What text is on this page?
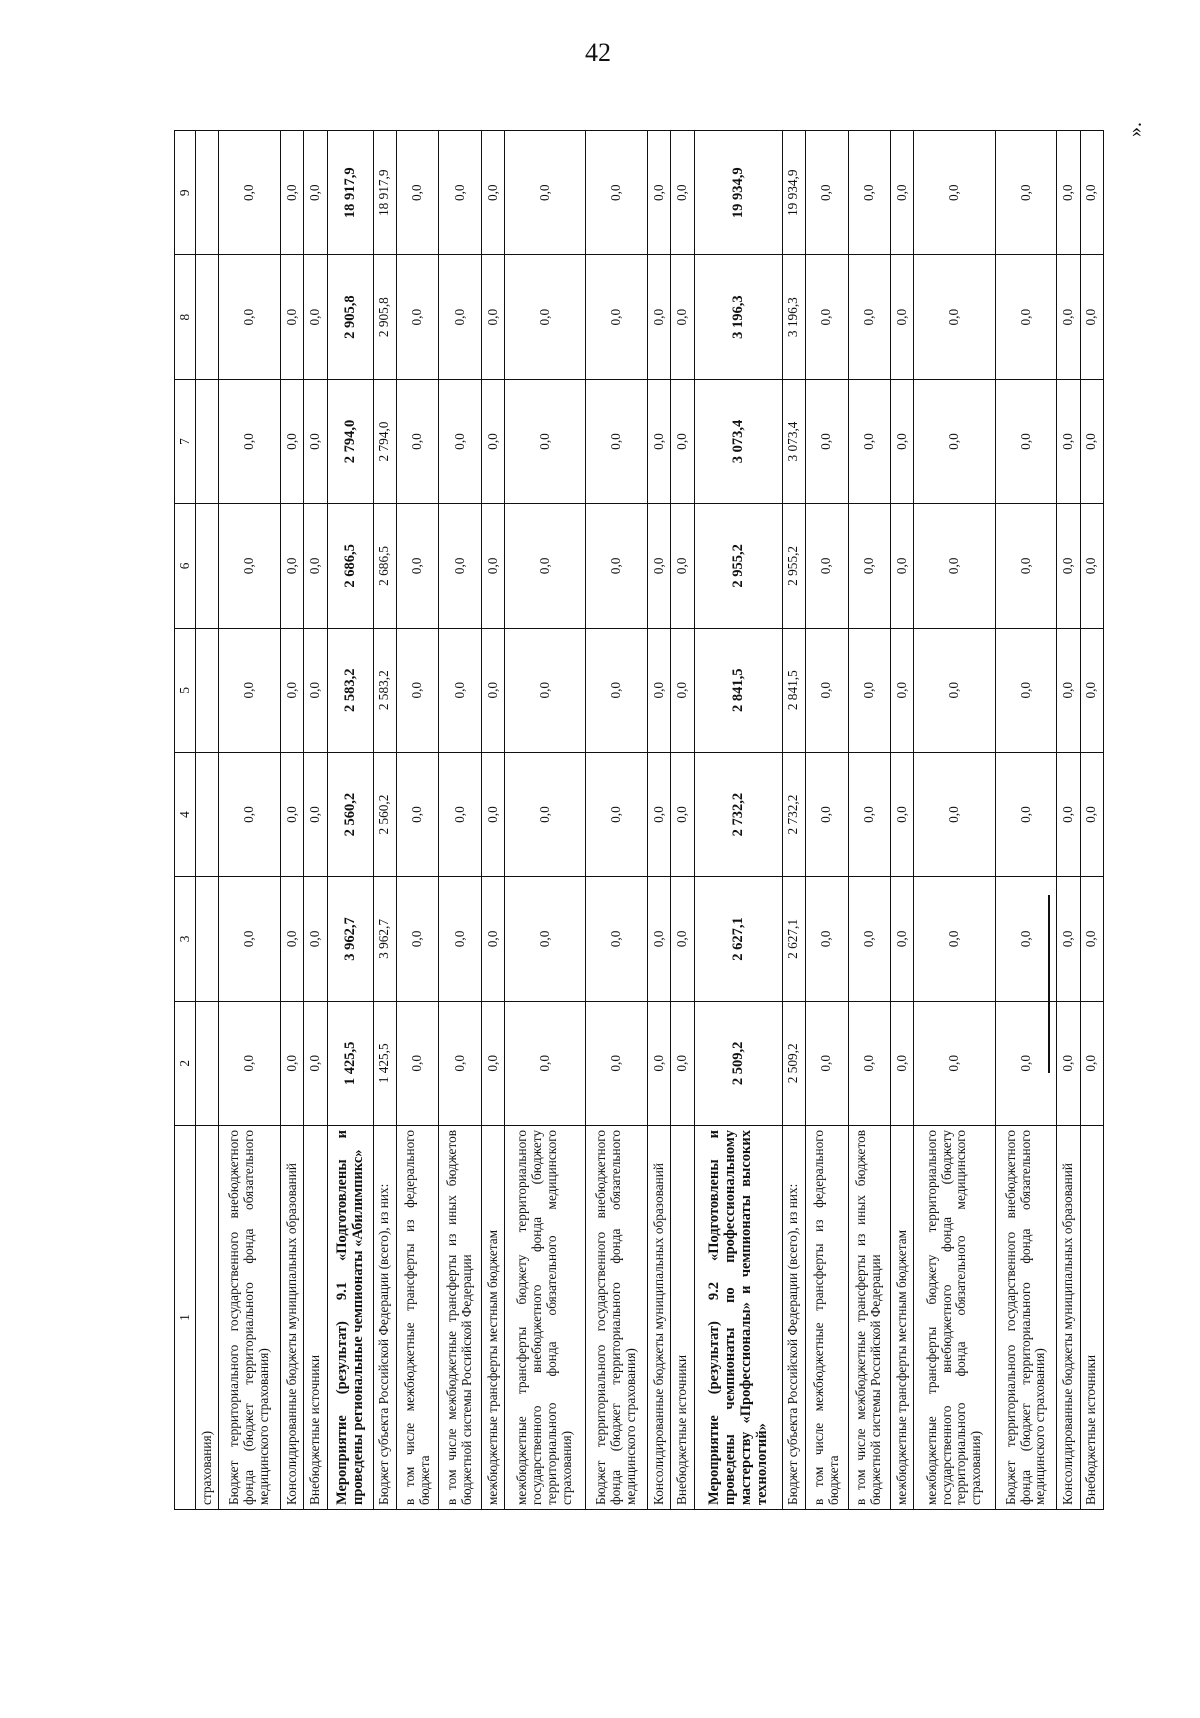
42
».
1	2	3	4	5	6	7	8	9
страхования)								
Бюджет территориального государственного внебюджетного фонда (бюджет территориального фонда обязательного медицинского страхования)	0,0	0,0	0,0	0,0	0,0	0,0	0,0	0,0
Консолидированные бюджеты муниципальных образований	0,0	0,0	0,0	0,0	0,0	0,0	0,0	0,0
Внебюджетные источники	0,0	0,0	0,0	0,0	0,0	0,0	0,0	0,0
Мероприятие (результат) 9.1 «Подготовлены и проведены региональные чемпионаты «Абилимпикс»	1 425,5	3 962,7	2 560,2	2 583,2	2 686,5	2 794,0	2 905,8	18 917,9
Бюджет субъекта Российской Федерации (всего), из них:	1 425,5	3 962,7	2 560,2	2 583,2	2 686,5	2 794,0	2 905,8	18 917,9
в том числе межбюджетные трансферты из федерального бюджета	0,0	0,0	0,0	0,0	0,0	0,0	0,0	0,0
в том числе межбюджетные трансферты из иных бюджетов бюджетной системы Российской Федерации	0,0	0,0	0,0	0,0	0,0	0,0	0,0	0,0
межбюджетные трансферты местным бюджетам	0,0	0,0	0,0	0,0	0,0	0,0	0,0	0,0
межбюджетные трансферты бюджету территориального государственного внебюджетного фонда (бюджету территориального фонда обязательного медицинского страхования)	0,0	0,0	0,0	0,0	0,0	0,0	0,0	0,0
Бюджет территориального государственного внебюджетного фонда (бюджет территориального фонда обязательного медицинского страхования)	0,0	0,0	0,0	0,0	0,0	0,0	0,0	0,0
Консолидированные бюджеты муниципальных образований	0,0	0,0	0,0	0,0	0,0	0,0	0,0	0,0
Внебюджетные источники	0,0	0,0	0,0	0,0	0,0	0,0	0,0	0,0
Мероприятие (результат) 9.2 «Подготовлены и проведены чемпионаты по профессиональному мастерству «Профессионалы» и чемпионаты высоких технологий»	2 509,2	2 627,1	2 732,2	2 841,5	2 955,2	3 073,4	3 196,3	19 934,9
Бюджет субъекта Российской Федерации (всего), из них:	2 509,2	2 627,1	2 732,2	2 841,5	2 955,2	3 073,4	3 196,3	19 934,9
в том числе межбюджетные трансферты из федерального бюджета	0,0	0,0	0,0	0,0	0,0	0,0	0,0	0,0
в том числе межбюджетные трансферты из иных бюджетов бюджетной системы Российской Федерации	0,0	0,0	0,0	0,0	0,0	0,0	0,0	0,0
межбюджетные трансферты местным бюджетам	0,0	0,0	0,0	0,0	0,0	0,0	0,0	0,0
межбюджетные трансферты бюджету территориального государственного внебюджетного фонда (бюджету территориального фонда обязательного медицинского страхования)	0,0	0,0	0,0	0,0	0,0	0,0	0,0	0,0
Бюджет территориального государственного внебюджетного фонда (бюджет территориального фонда обязательного медицинского страхования)	0,0	0,0	0,0	0,0	0,0	0,0	0,0	0,0
Консолидированные бюджеты муниципальных образований	0,0	0,0	0,0	0,0	0,0	0,0	0,0	0,0
Внебюджетные источники	0,0	0,0	0,0	0,0	0,0	0,0	0,0	0,0
